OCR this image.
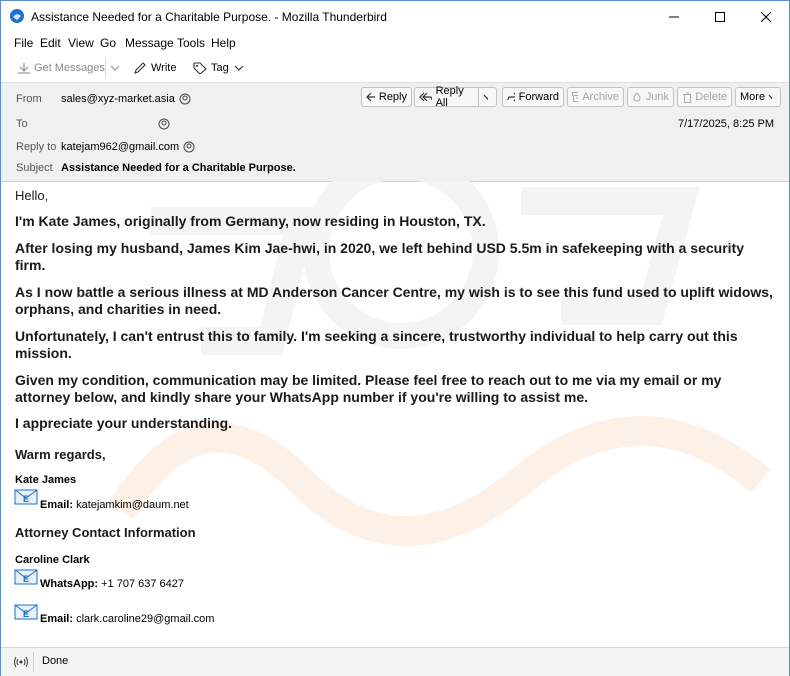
Assistance Needed for a Charitable Purpose. - Mozilla Thunderbird
File Edit View Go Message Tools Help
Get Messages	Write	Tag
From sales@xyz-market.asia
To
Reply to katejam962@gmail.com
Subject Assistance Needed for a Charitable Purpose.
7/17/2025, 8:25 PM
Reply	Reply All	Forward Archive Junk Delete More
Hello,
I'm Kate James, originally from Germany, now residing in Houston, TX.
After losing my husband, James Kim Jae-hwi, in 2020, we left behind USD 5.5m in safekeeping with a security firm.
As I now battle a serious illness at MD Anderson Cancer Centre, my wish is to see this fund used to uplift widows, orphans, and charities in need.
Unfortunately, I can't entrust this to family. I'm seeking a sincere, trustworthy individual to help carry out this mission.
Given my condition, communication may be limited. Please feel free to reach out to me via my email or my attorney below, and kindly share your WhatsApp number if you're willing to assist me.
I appreciate your understanding.
Warm regards,
Kate James
E Email: katejamkim@daum.net
Attorney Contact Information
Caroline Clark
E WhatsApp: +1 707 637 6427
E Email: clark.caroline29@gmail.com
Done
